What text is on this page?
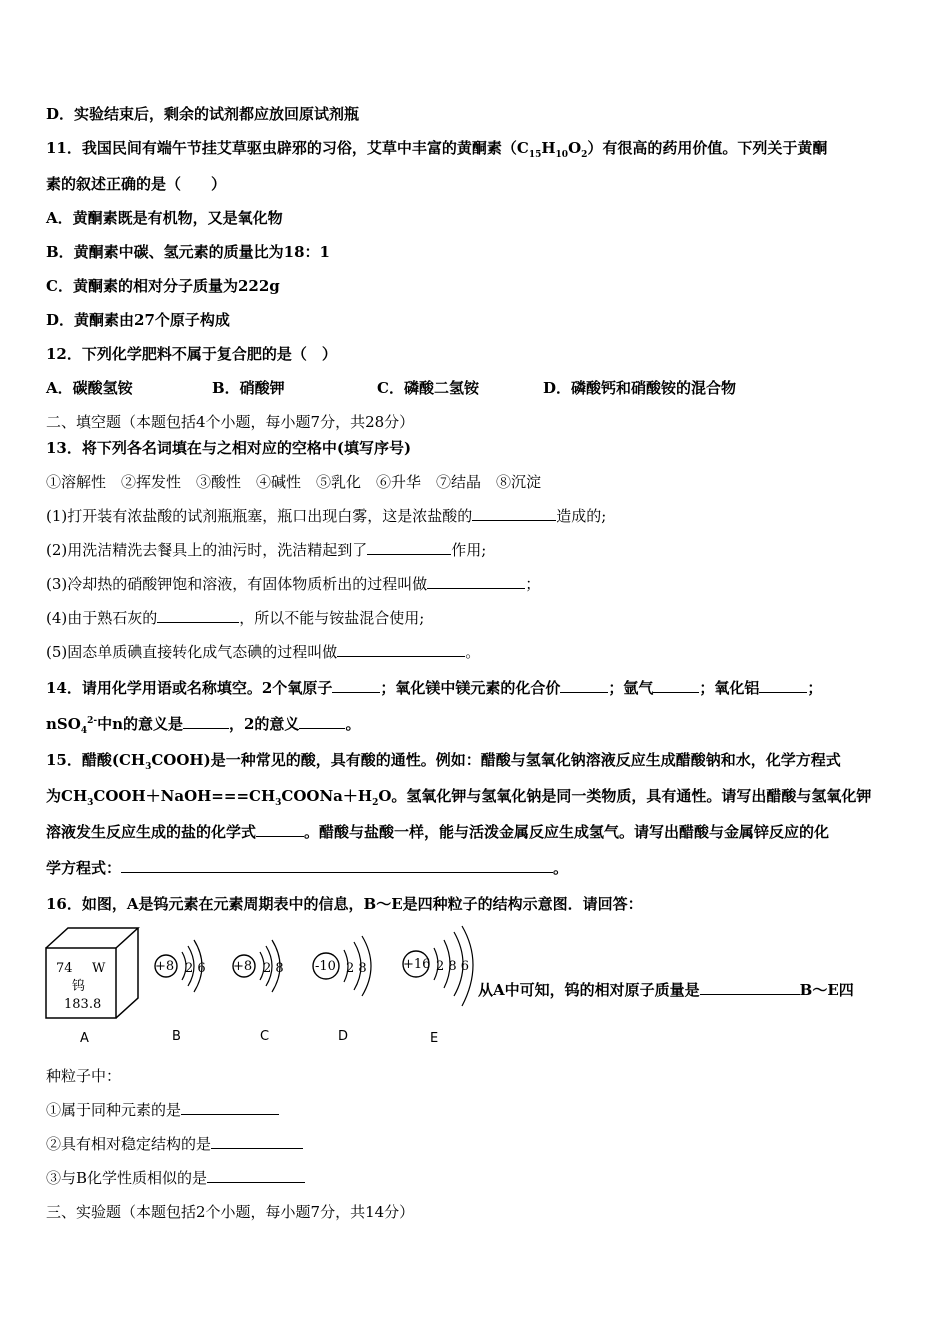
D．实验结束后，剩余的试剂都应放回原试剂瓶
11．我国民间有端午节挂艾草驱虫辟邪的习俗，艾草中丰富的黄酮素$(C_{15}H_{10}O_2)$有很高的药用价值。下列关于黄酮
素的叙述正确的是（　　）
A．黄酮素既是有机物，又是氧化物
B．黄酮素中碳、氢元素的质量比为18：1
C．黄酮素的相对分子质量为222g
D．黄酮素由27个原子构成
12．下列化学肥料不属于复合肥的是（　）
A．碳酸氢铵	B．硝酸钾	C．磷酸二氢铵	D．磷酸钙和硝酸铵的混合物
二、填空题（本题包括4个小题，每小题7分，共28分）
13．将下列各名词填在与之相对应的空格中(填写序号)
①溶解性　②挥发性　③酸性　④碱性　⑤乳化　⑥升华　⑦结晶　⑧沉淀
(1)打开装有浓盐酸的试剂瓶瓶塞，瓶口出现白雾，这是浓盐酸的	造成的;
(2)用洗洁精洗去餐具上的油污时，洗洁精起到了	作用;
(3)冷却热的硝酸钾饱和溶液，有固体物质析出的过程叫做	；
(4)由于熟石灰的	，所以不能与铵盐混合使用;
(5)固态单质碘直接转化成气态碘的过程叫做	。
14．请用化学用语或名称填空。2个氧原子	；氧化镁中镁元素的化合价	；氩气	；氧化铝	；
nSO$_4^{2-}$中n的意义是	，2的意义	。
15．醋酸$(CH_3COOH)$是一种常见的酸，具有酸的通性。例如：醋酸与氢氧化钠溶液反应生成醋酸钠和水，化学方程式
为$CH_3COOH+NaOH===CH_3COONa+H_2O$。氢氧化钾与氢氧化钠是同一类物质，具有通性。请写出醋酸与氢氧化钾
溶液发生反应生成的盐的化学式	。醋酸与盐酸一样，能与活泼金属反应生成氢气。请写出醋酸与金属锌反应的化
学方程式：	。
16．如图，A是钨元素在元素周期表中的信息，B～E是四种粒子的结构示意图．请回答：
74 W
钨
183.8
+8 2 6 +8 2 8 -10 2 8	+16 2 8 6
A	B	C	D	E
从A中可知，钨的相对原子质量是	B～E四
种粒子中：
①属于同种元素的是
②具有相对稳定结构的是
③与B化学性质相似的是
三、实验题（本题包括2个小题，每小题7分，共14分）
